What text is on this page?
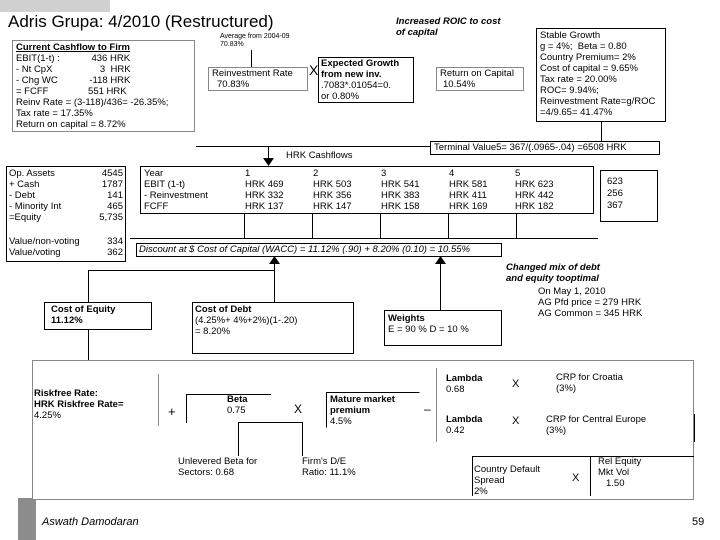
Adris Grupa: 4/2010 (Restructured)
Current Cashflow to Firm
EBIT(1-t) :            436 HRK
- Nt CpX                  3  HRK
- Chg WC            -118 HRK
= FCFF               551 HRK
Reinv Rate = (3-118)/436= -26.35%;
Tax rate = 17.35%
Return on capital = 8.72%
Average from 2004-09
70.83%
Reinvestment Rate
70.83%
X Expected Growth
from new inv.
.7083*.01054=0.
or 0.80%
Return on Capital
10.54%
Increased ROIC to cost
of capital	Stable Growth
g = 4%;  Beta = 0.80
Country Premium= 2%
Cost of capital = 9.65%
Tax rate = 20.00%
ROC= 9.94%;
Reinvestment Rate=g/ROC
=4/9.65= 41.47%
Terminal Value5= 367/(.0965-.04) =6508 HRK
HRK Cashflows
Op. Assets	4545
+ Cash	1787
- Debt	141
- Minority Int	465
=Equity	5,735
Value/non-voting	334
Value/voting	362
Year	1	2	3	4	5
EBIT (1-t)	HRK 469	HRK 503	HRK 541	HRK 581	HRK 623
- Reinvestment	HRK 332	HRK 356	HRK 383	HRK 411	HRK 442
FCFF	HRK 137	HRK 147	HRK 158	HRK 169	HRK 182
623
256
367
Discount at $ Cost of Capital (WACC) = 11.12% (.90) + 8.20% (0.10) = 10.55%
Changed mix of debt
and equity tooptimal
On May 1, 2010
AG Pfd price = 279 HRK
AG Common = 345 HRK
Cost of Equity
11.12%
Cost of Debt
(4.25%+ 4%+2%)(1-.20)
= 8.20%
Weights
E = 90 % D = 10 %
Riskfree Rate:
HRK Riskfree Rate=
4.25%	+
Beta
0.75	X
Mature market
premium
4.5%
–
Lambda
0.68	X
CRP for Croatia
(3%)
Lambda
0.42
X	CRP for Central Europe
(3%)
Unlevered Beta for
Sectors: 0.68
Firm's D/E
Ratio: 11.1%	Country Default
Spread
2%
X
Rel Equity
Mkt Vol
1.50
Aswath Damodaran	59
